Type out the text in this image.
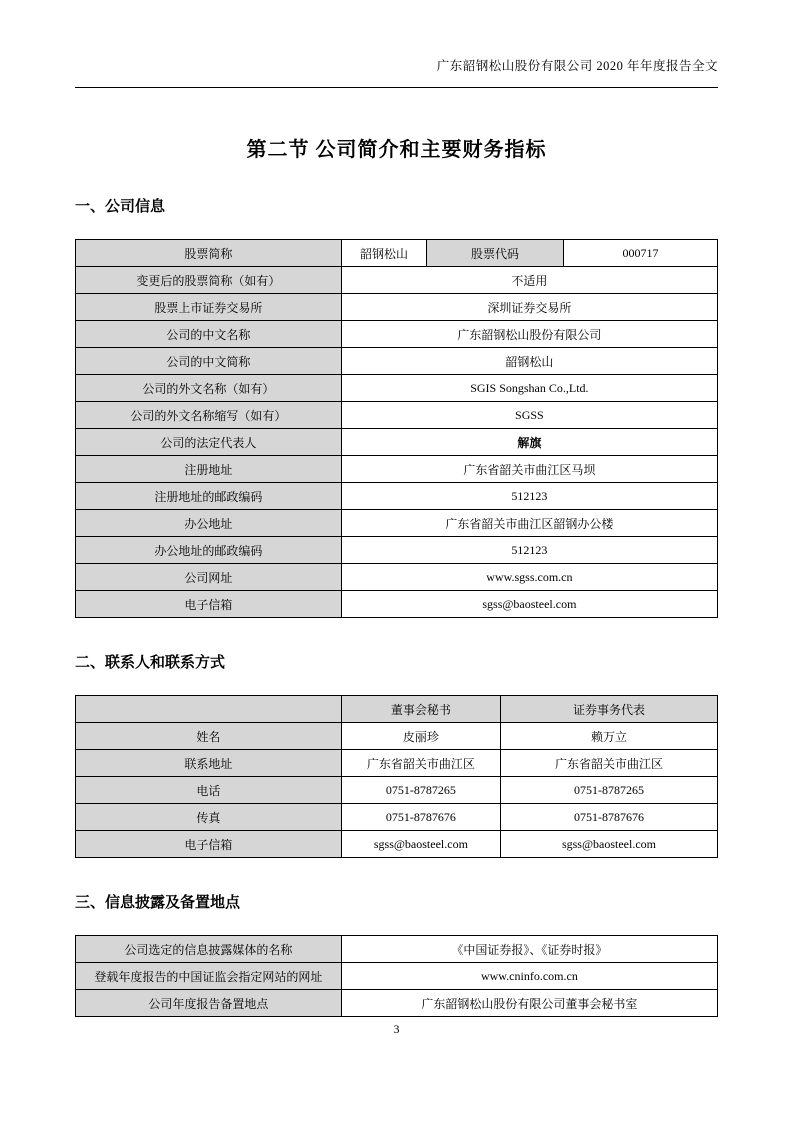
广东韶钢松山股份有限公司 2020 年年度报告全文
第二节 公司简介和主要财务指标
一、公司信息
股票简称	韶钢松山	股票代码	000717
变更后的股票简称（如有）	不适用		
股票上市证券交易所	深圳证券交易所		
公司的中文名称	广东韶钢松山股份有限公司		
公司的中文简称	韶钢松山		
公司的外文名称（如有）	SGIS Songshan Co.,Ltd.		
公司的外文名称缩写（如有）	SGSS		
公司的法定代表人	解旗		
注册地址	广东省韶关市曲江区马坝		
注册地址的邮政编码	512123		
办公地址	广东省韶关市曲江区韶钢办公楼		
办公地址的邮政编码	512123		
公司网址	www.sgss.com.cn		
电子信箱	sgss@baosteel.com		
二、联系人和联系方式
	董事会秘书	证券事务代表
姓名	皮丽珍	赖万立
联系地址	广东省韶关市曲江区	广东省韶关市曲江区
电话	0751-8787265	0751-8787265
传真	0751-8787676	0751-8787676
电子信箱	sgss@baosteel.com	sgss@baosteel.com
三、信息披露及备置地点
公司选定的信息披露媒体的名称	《中国证券报》、《证券时报》
登载年度报告的中国证监会指定网站的网址	www.cninfo.com.cn
公司年度报告备置地点	广东韶钢松山股份有限公司董事会秘书室
3
